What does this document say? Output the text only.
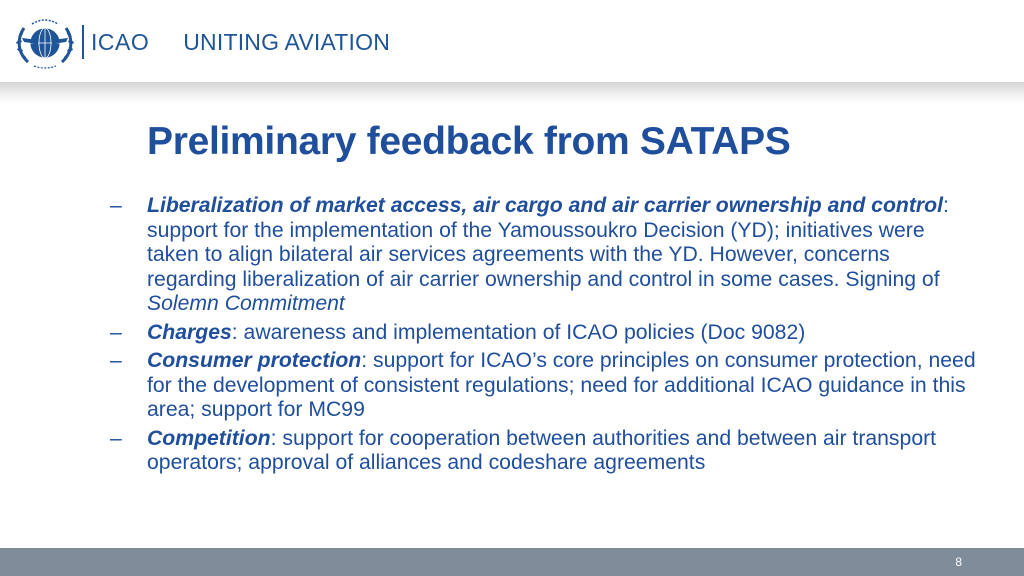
ICAO UNITING AVIATION
Preliminary feedback from SATAPS
– Liberalization of market access, air cargo and air carrier ownership and control: support for the implementation of the Yamoussoukro Decision (YD); initiatives were taken to align bilateral air services agreements with the YD. However, concerns regarding liberalization of air carrier ownership and control in some cases. Signing of Solemn Commitment
– Charges: awareness and implementation of ICAO policies (Doc 9082)
– Consumer protection: support for ICAO’s core principles on consumer protection, need for the development of consistent regulations; need for additional ICAO guidance in this area; support for MC99
– Competition: support for cooperation between authorities and between air transport operators; approval of alliances and codeshare agreements
8
